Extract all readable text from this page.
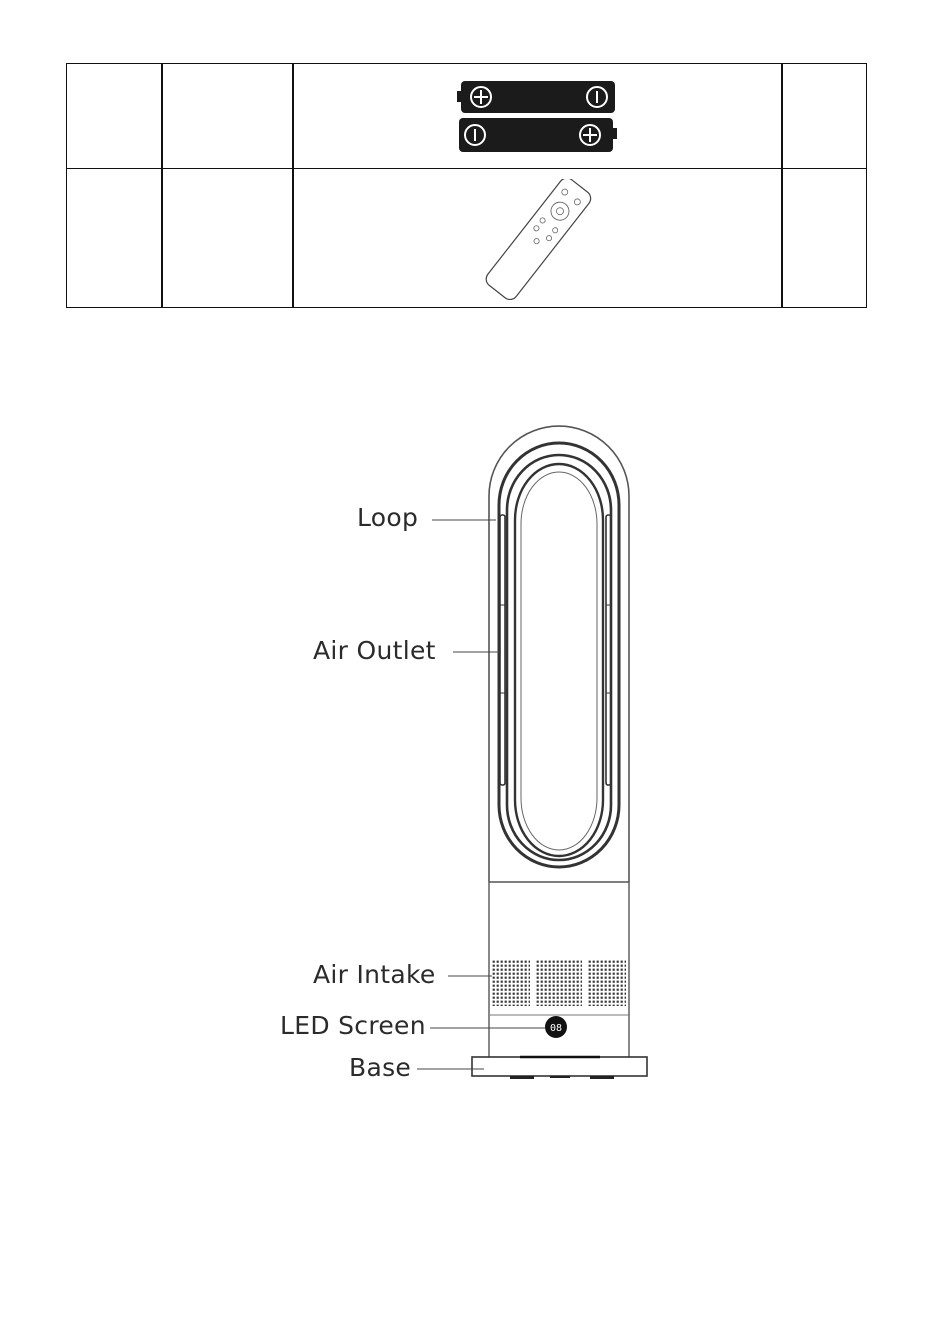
08
Loop
Air Outlet
Air Intake
LED Screen
Base
